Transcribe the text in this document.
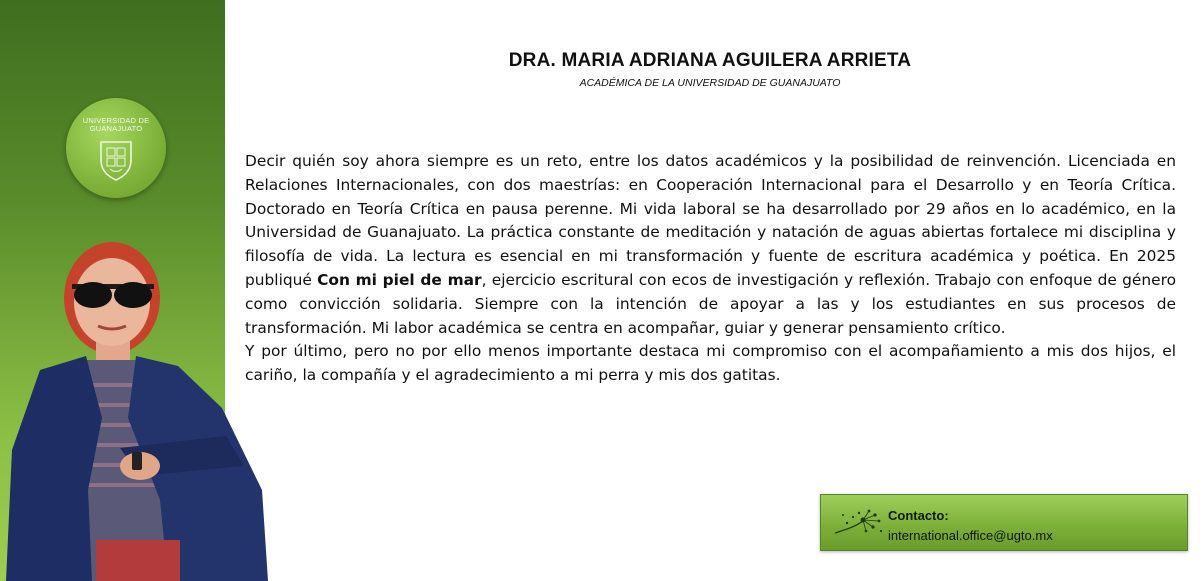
UNIVERSIDAD DE
GUANAJUATO
DRA. MARIA ADRIANA AGUILERA ARRIETA
ACADÉMICA DE LA UNIVERSIDAD DE GUANAJUATO

Decir quién soy ahora siempre es un reto, entre los datos académicos y la posibilidad de reinvención. Licenciada en Relaciones Internacionales, con dos maestrías: en Cooperación Internacional para el Desarrollo y en Teoría Crítica. Doctorado en Teoría Crítica en pausa perenne. Mi vida laboral se ha desarrollado por 29 años en lo académico, en la Universidad de Guanajuato. La práctica constante de meditación y natación de aguas abiertas fortalece mi disciplina y filosofía de vida. La lectura es esencial en mi transformación y fuente de escritura académica y poética. En 2025 publiqué Con mi piel de mar, ejercicio escritural con ecos de investigación y reflexión. Trabajo con enfoque de género como convicción solidaria. Siempre con la intención de apoyar a las y los estudiantes en sus procesos de transformación. Mi labor académica se centra en acompañar, guiar y generar pensamiento crítico.

Y por último, pero no por ello menos importante destaca mi compromiso con el acompañamiento a mis dos hijos, el cariño, la compañía y el agradecimiento a mi perra y mis dos gatitas.

Contacto:
international.office@ugto.mx
